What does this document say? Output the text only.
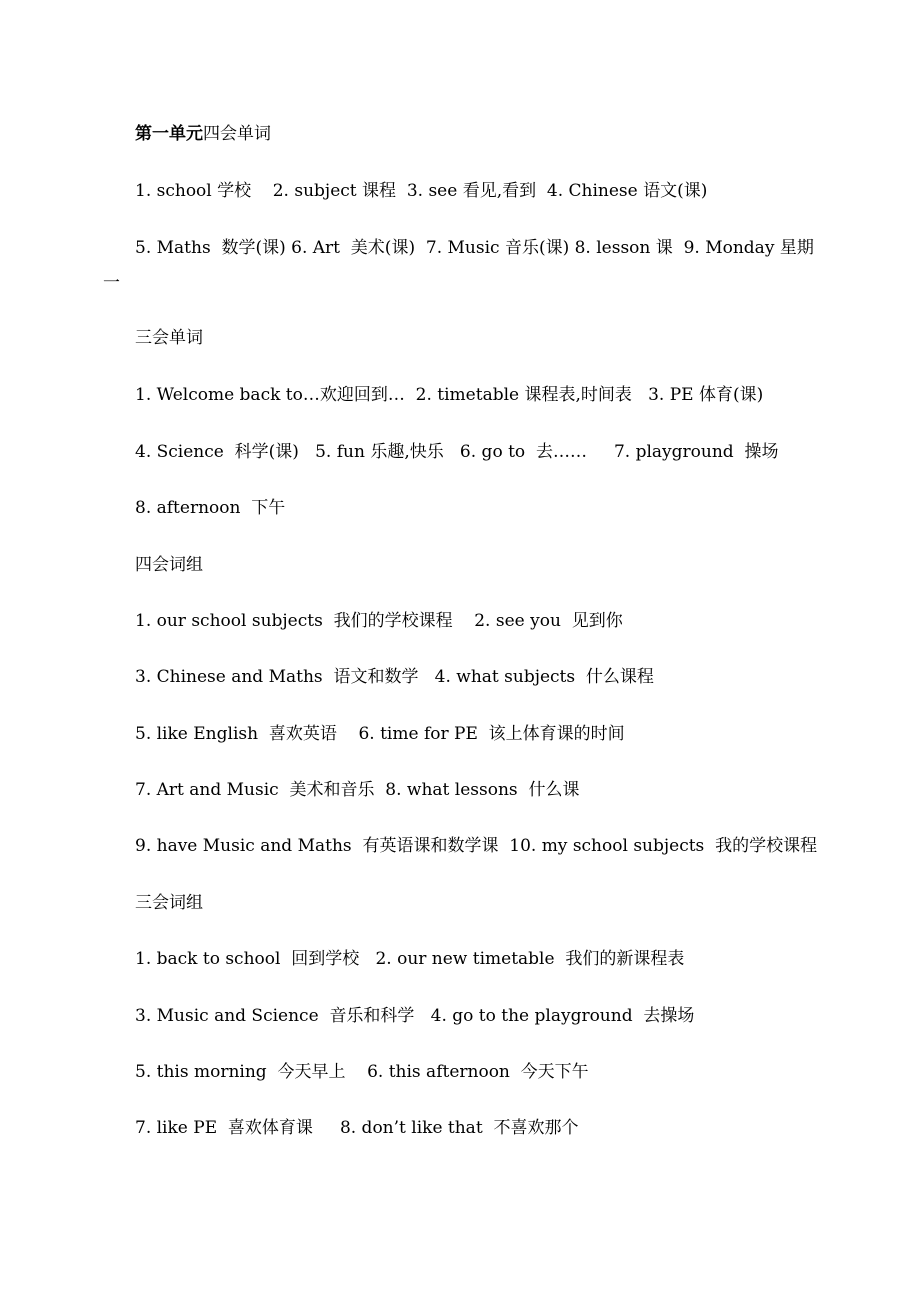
第一单元四会单词

1. school 学校    2. subject 课程  3. see 看见,看到  4. Chinese 语文(课)

5. Maths  数学(课) 6. Art  美术(课)  7. Music 音乐(课) 8. lesson 课  9. Monday 星期

一

三会单词

1. Welcome back to…欢迎回到…  2. timetable 课程表,时间表   3. PE 体育(课)

4. Science  科学(课)   5. fun 乐趣,快乐   6. go to  去……     7. playground  操场

8. afternoon  下午

四会词组

1. our school subjects  我们的学校课程    2. see you  见到你

3. Chinese and Maths  语文和数学   4. what subjects  什么课程

5. like English  喜欢英语    6. time for PE  该上体育课的时间

7. Art and Music  美术和音乐  8. what lessons  什么课

9. have Music and Maths  有英语课和数学课  10. my school subjects  我的学校课程

三会词组

1. back to school  回到学校   2. our new timetable  我们的新课程表

3. Music and Science  音乐和科学   4. go to the playground  去操场

5. this morning  今天早上    6. this afternoon  今天下午

7. like PE  喜欢体育课     8. don’t like that  不喜欢那个
